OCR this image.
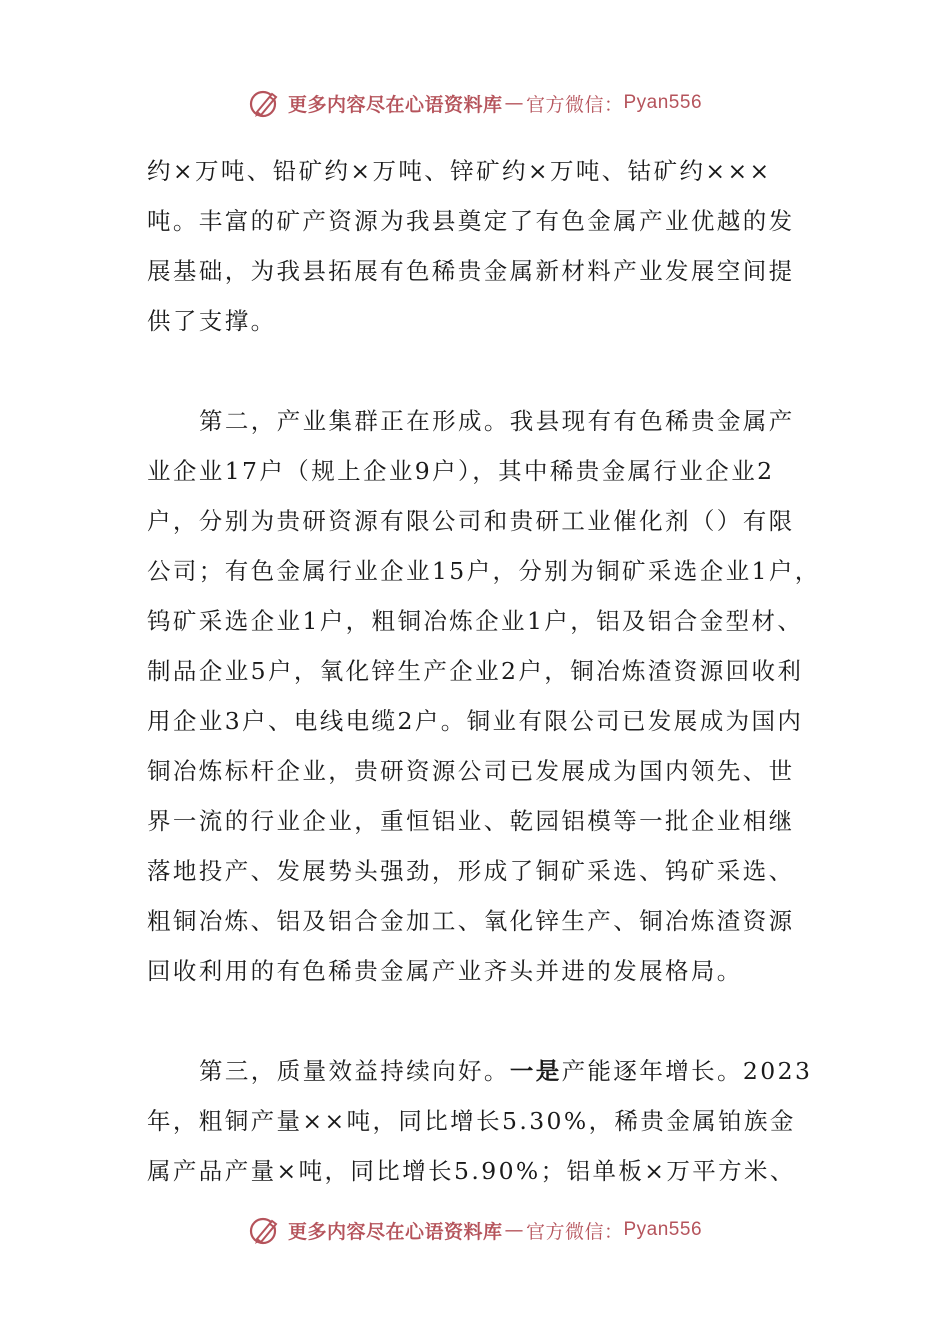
更多内容尽在心语资料库 — 官方微信： Pyan556

约×万吨、铅矿约×万吨、锌矿约×万吨、钴矿约×××
吨。丰富的矿产资源为我县奠定了有色金属产业优越的发
展基础，为我县拓展有色稀贵金属新材料产业发展空间提
供了支撑。

第二，产业集群正在形成。我县现有有色稀贵金属产
业企业17户（规上企业9户），其中稀贵金属行业企业2
户，分别为贵研资源有限公司和贵研工业催化剂（）有限
公司；有色金属行业企业15户，分别为铜矿采选企业1户，
钨矿采选企业1户，粗铜冶炼企业1户，铝及铝合金型材、
制品企业5户，氧化锌生产企业2户，铜冶炼渣资源回收利
用企业3户、电线电缆2户。铜业有限公司已发展成为国内
铜冶炼标杆企业，贵研资源公司已发展成为国内领先、世
界一流的行业企业，重恒铝业、乾园铝模等一批企业相继
落地投产、发展势头强劲，形成了铜矿采选、钨矿采选、
粗铜冶炼、铝及铝合金加工、氧化锌生产、铜冶炼渣资源
回收利用的有色稀贵金属产业齐头并进的发展格局。

第三，质量效益持续向好。一是产能逐年增长。2023
年，粗铜产量××吨，同比增长5.30%，稀贵金属铂族金
属产品产量×吨，同比增长5.90%；铝单板×万平方米、

更多内容尽在心语资料库 — 官方微信： Pyan556
